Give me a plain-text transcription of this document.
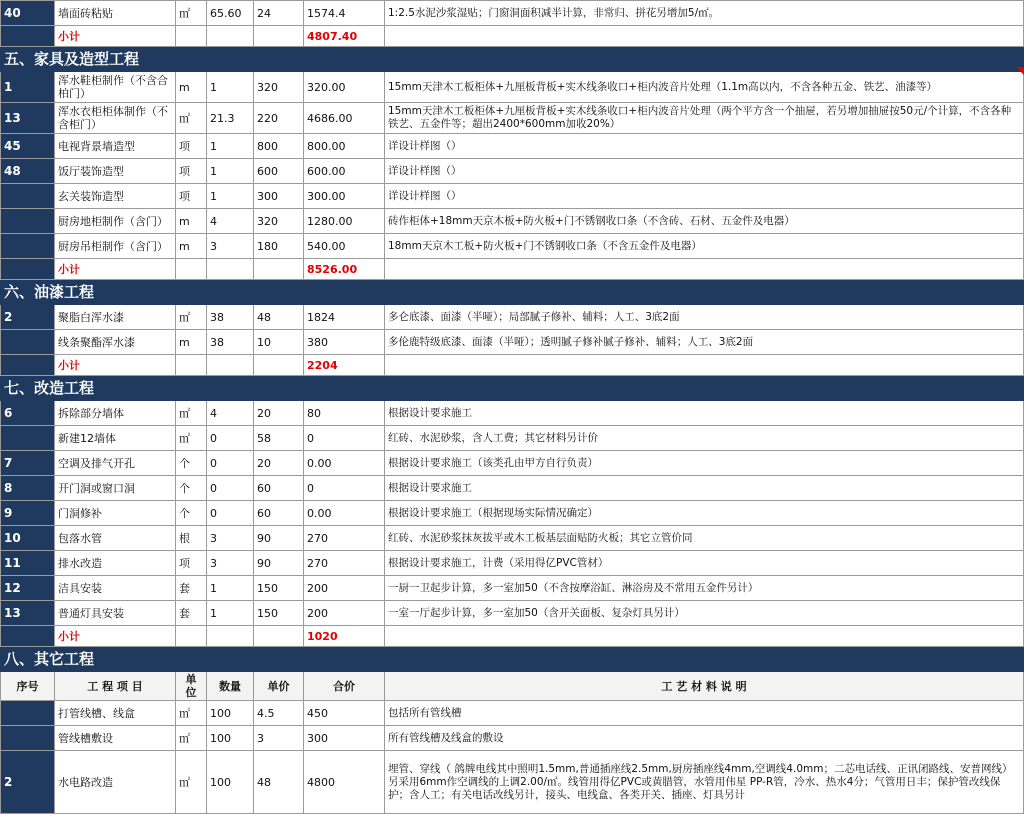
40	墙面砖粘贴	㎡	65.60	24	1574.4	1:2.5水泥沙浆湿贴；门窗洞面积减半计算，非常归、拼花另增加5/㎡。
	小计				4807.40	
五、家具及造型工程						
1	浑水鞋柜制作（不含合柏门）	m	1	320	320.00	15mm天津木工板柜体+九厘板背板+实木线条收口+柜内波音片处理（1.1m高以内，不含各种五金、铁艺、油漆等）
13	浑水衣柜柜体制作（不含柜门）	㎡	21.3	220	4686.00	15mm天津木工板柜体+九厘板背板+实木线条收口+柜内波音片处理（两个平方含一个抽屉，若另增加抽屉按50元/个计算，不含各种铁艺、五金件等；超出2400*600mm加收20%）
45	电视背景墙造型	项	1	800	800.00	详设计样图（）
48	饭厅装饰造型	项	1	600	600.00	详设计样图（）
	玄关装饰造型	项	1	300	300.00	详设计样图（）
	厨房地柜制作（含门）	m	4	320	1280.00	砖作柜体+18mm天京木板+防火板+门不锈钢收口条（不含砖、石材、五金件及电器）
	厨房吊柜制作（含门）	m	3	180	540.00	18mm天京木工板+防火板+门不锈钢收口条（不含五金件及电器）
	小计				8526.00	
六、油漆工程						
2	聚脂白浑水漆	㎡	38	48	1824	多仑底漆、面漆（半哑）；局部腻子修补、辅料；人工、3底2面
	线条聚酯浑水漆	m	38	10	380	多伦鹿特级底漆、面漆（半哑）；透明腻子修补腻子修补、辅料；人工、3底2面
	小计				2204	
七、改造工程						
6	拆除部分墙体	㎡	4	20	80	根据设计要求施工
	新建12墙体	㎡	0	58	0	红砖、水泥砂浆，含人工费；其它材料另计价
7	空调及排气开孔	个	0	20	0.00	根据设计要求施工（该类孔由甲方自行负责）
8	开门洞或窗口洞	个	0	60	0	根据设计要求施工
9	门洞修补	个	0	60	0.00	根据设计要求施工（根据现场实际情况确定）
10	包落水管	根	3	90	270	红砖、水泥砂浆抹灰拔平或木工板基层面贴防火板；其它立管价同
11	排水改造	项	3	90	270	根据设计要求施工，计费（采用得亿PVC管材）
12	洁具安装	套	1	150	200	一厨一卫起步计算，多一室加50（不含按摩浴缸、淋浴房及不常用五金件另计）
13	普通灯具安装	套	1	150	200	一室一厅起步计算，多一室加50（含开关面板、复杂灯具另计）
	小计				1020	
八、其它工程						
序号	工 程 项 目	单 位	数量	单价	合价	工 艺 材 料 说 明
	打管线槽、线盒	㎡	100	4.5	450	包括所有管线槽
	管线槽敷设	㎡	100	3	300	所有管线槽及线盒的敷设
2	水电路改造	㎡	100	48	4800	埋管、穿线（ 鸽牌电线其中照明1.5mm,普通插座线2.5mm,厨房插座线4mm,空调线4.0mm；二芯电话线、正讯闭路线、安普网线）另采用6mm作空调线的上调2.00/㎡。线管用得亿PVC或黄腊管，水管用伟星 PP-R管，冷水、热水4分；气管用日丰；保护管改线保护；含人工；有关电话改线另计，接头、电线盒、各类开关、插座、灯具另计
